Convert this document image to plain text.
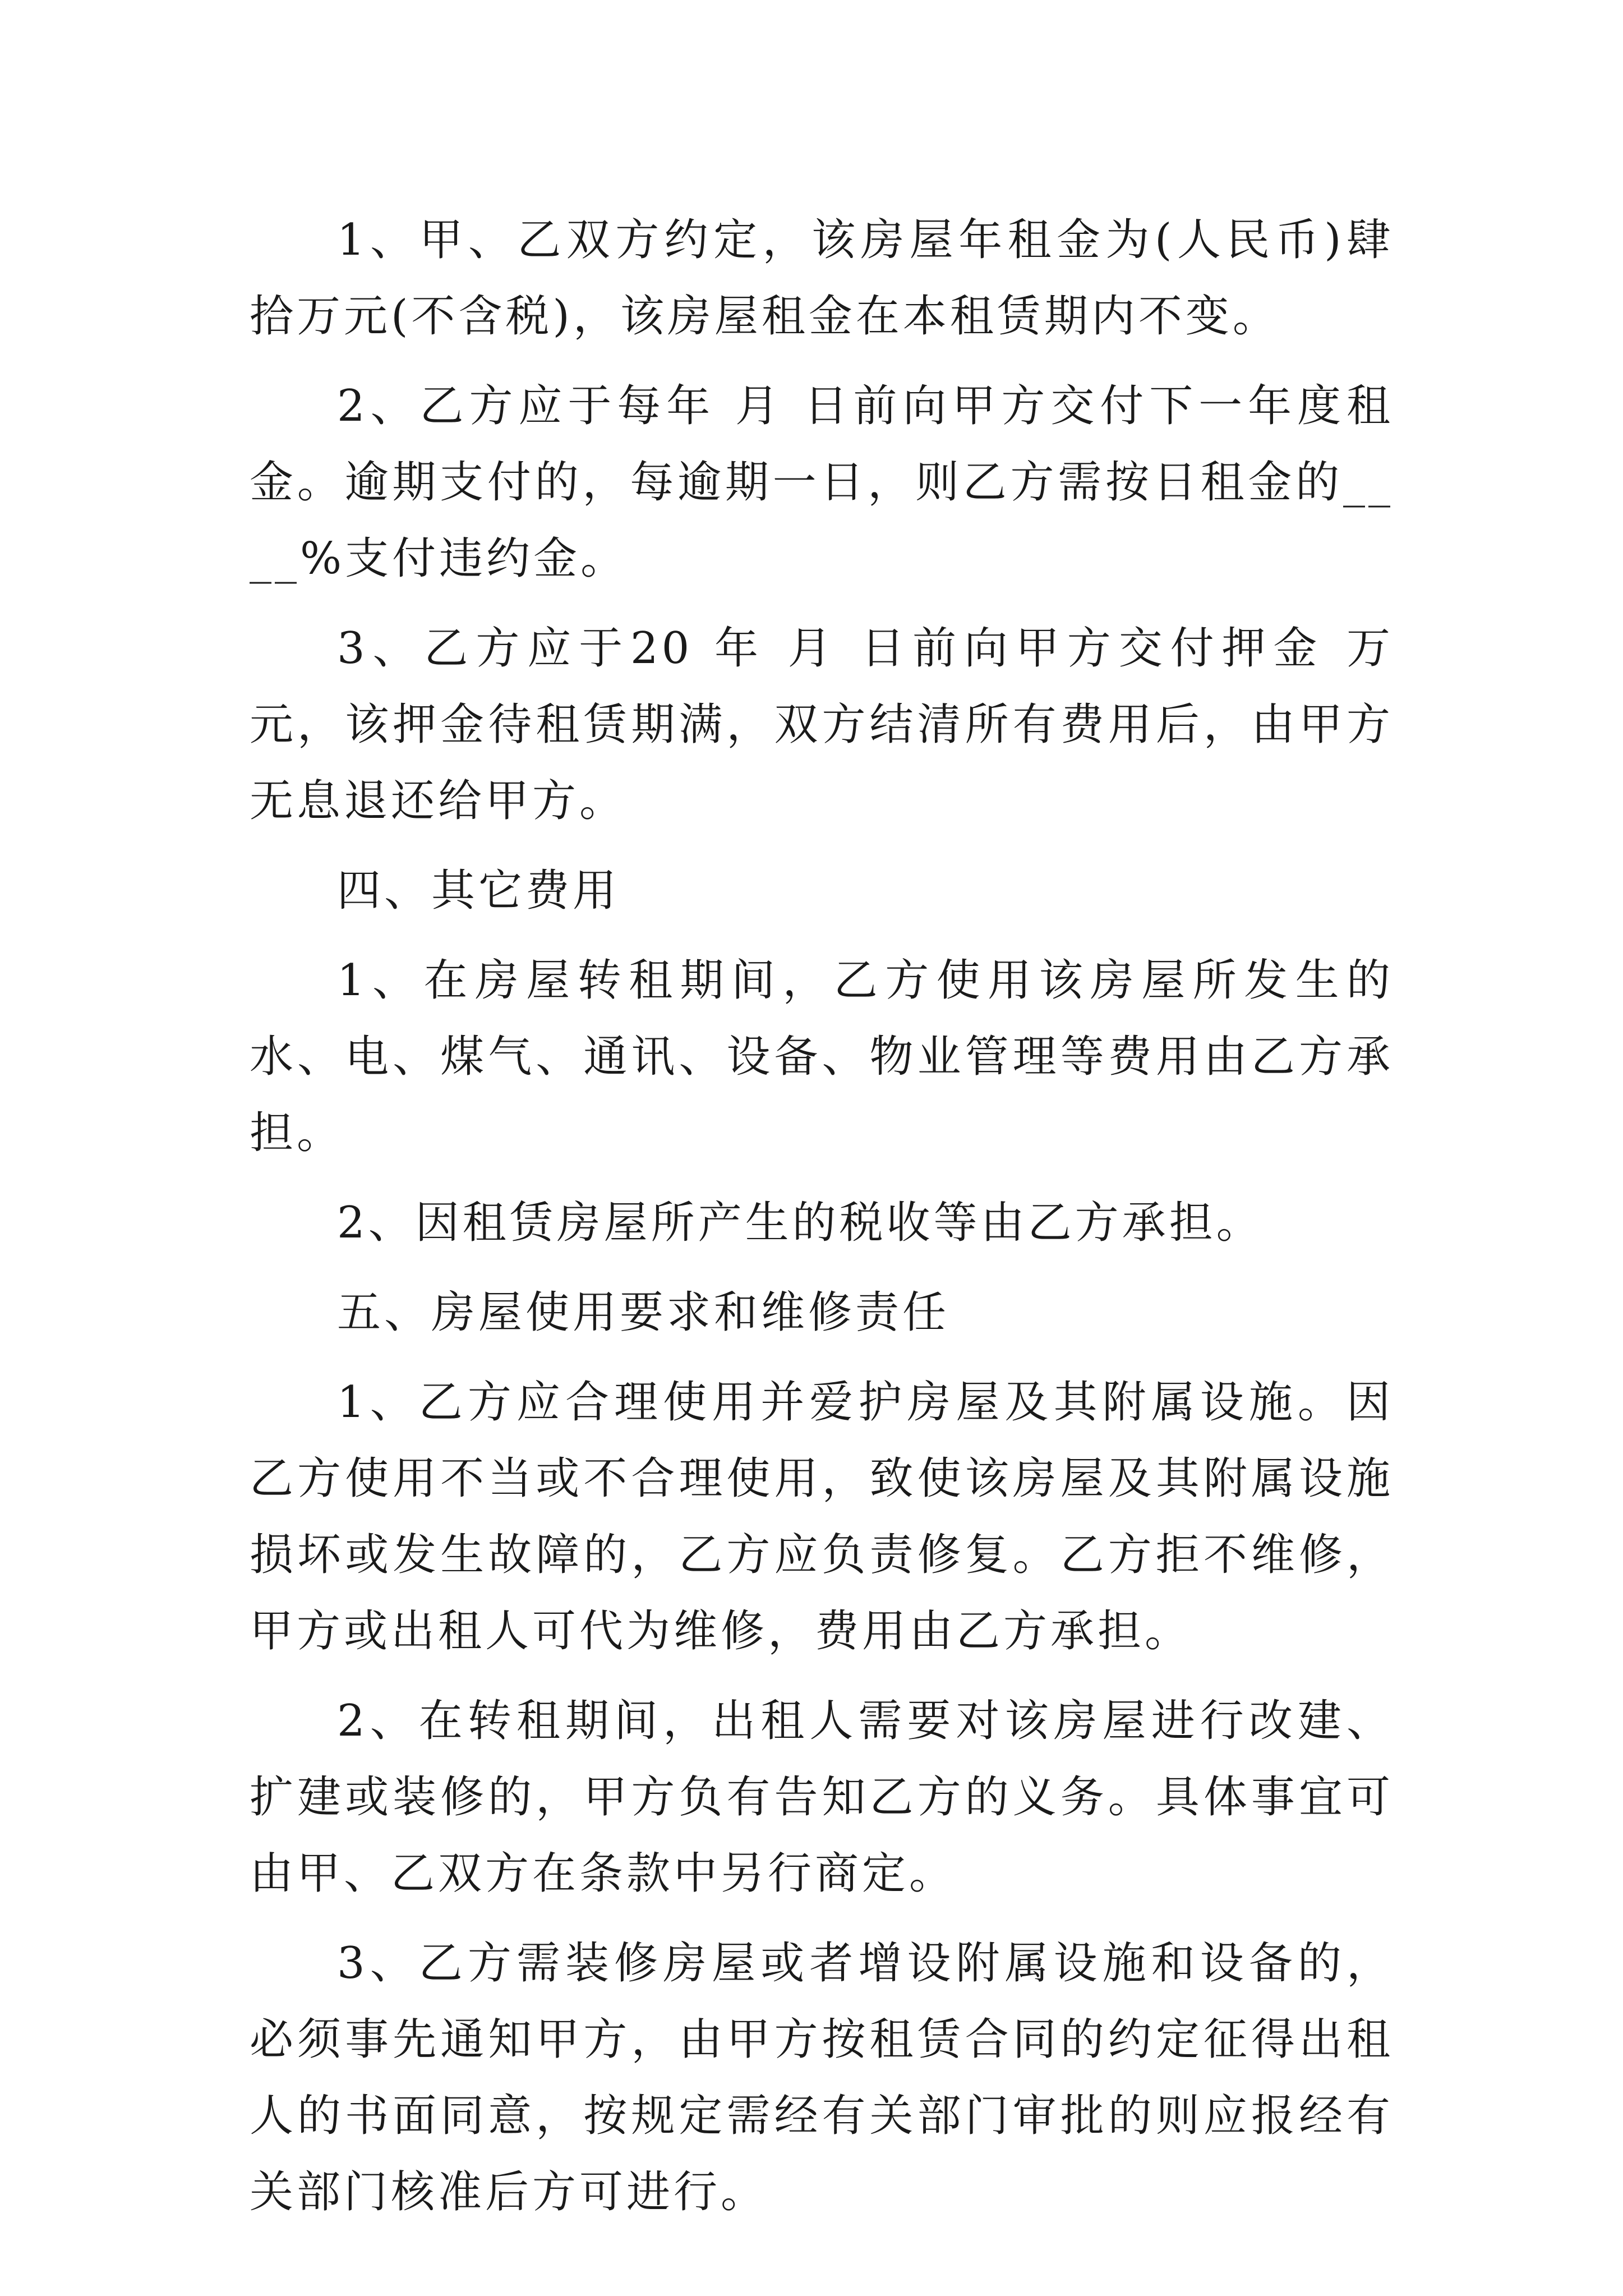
1、甲、乙双方约定，该房屋年租金为(人民币)肆拾万元(不含税)，该房屋租金在本租赁期内不变。

2、乙方应于每年 月 日前向甲方交付下一年度租金。逾期支付的，每逾期一日，则乙方需按日租金的____%支付违约金。

3、乙方应于20 年 月 日前向甲方交付押金 万元，该押金待租赁期满，双方结清所有费用后，由甲方无息退还给甲方。

四、其它费用

1、在房屋转租期间，乙方使用该房屋所发生的水、电、煤气、通讯、设备、物业管理等费用由乙方承担。

2、因租赁房屋所产生的税收等由乙方承担。

五、房屋使用要求和维修责任

1、乙方应合理使用并爱护房屋及其附属设施。因乙方使用不当或不合理使用，致使该房屋及其附属设施损坏或发生故障的，乙方应负责修复。乙方拒不维修，甲方或出租人可代为维修，费用由乙方承担。

2、在转租期间，出租人需要对该房屋进行改建、扩建或装修的，甲方负有告知乙方的义务。具体事宜可由甲、乙双方在条款中另行商定。

3、乙方需装修房屋或者增设附属设施和设备的，必须事先通知甲方，由甲方按租赁合同的约定征得出租人的书面同意，按规定需经有关部门审批的则应报经有关部门核准后方可进行。
